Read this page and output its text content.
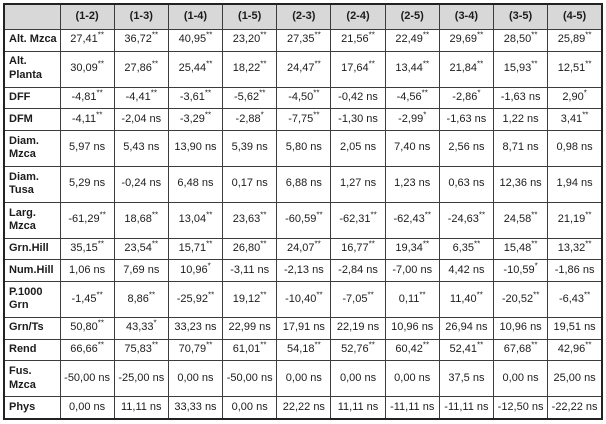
	(1-2)	(1-3)	(1-4)	(1-5)	(2-3)	(2-4)	(2-5)	(3-4)	(3-5)	(4-5)
Alt. Mzca	27,41**	36,72**	40,95**	23,20**	27,35**	21,56**	22,49**	29,69**	28,50**	25,89**
Alt. Planta	30,09**	27,86**	25,44**	18,22**	24,47**	17,64**	13,44**	21,84**	15,93**	12,51**
DFF	-4,81**	-4,41**	-3,61**	-5,62**	-4,50**	-0,42 ns	-4,56**	-2,86*	-1,63 ns	2,90*
DFM	-4,11**	-2,04 ns	-3,29**	-2,88*	-7,75**	-1,30 ns	-2,99*	-1,63 ns	1,22 ns	3,41**
Diam. Mzca	5,97 ns	5,43 ns	13,90 ns	5,39 ns	5,80 ns	2,05 ns	7,40 ns	2,56 ns	8,71 ns	0,98 ns
Diam. Tusa	5,29 ns	-0,24 ns	6,48 ns	0,17 ns	6,88 ns	1,27 ns	1,23 ns	0,63 ns	12,36 ns	1,94 ns
Larg. Mzca	-61,29**	18,68**	13,04**	23,63**	-60,59**	-62,31**	-62,43**	-24,63**	24,58**	21,19**
Grn.Hill	35,15**	23,54**	15,71**	26,80**	24,07**	16,77**	19,34**	6,35**	15,48**	13,32**
Num.Hill	1,06 ns	7,69 ns	10,96*	-3,11 ns	-2,13 ns	-2,84 ns	-7,00 ns	4,42 ns	-10,59*	-1,86 ns
P.1000 Grn	-1,45**	8,86**	-25,92**	19,12**	-10,40**	-7,05**	0,11**	11,40**	-20,52**	-6,43**
Grn/Ts	50,80**	43,33*	33,23 ns	22,99 ns	17,91 ns	22,19 ns	10,96 ns	26,94 ns	10,96 ns	19,51 ns
Rend	66,66**	75,83**	70,79**	61,01**	54,18**	52,76**	60,42**	52,41**	67,68**	42,96**
Fus. Mzca	-50,00 ns	-25,00 ns	0,00 ns	-50,00 ns	0,00 ns	0,00 ns	0,00 ns	37,5 ns	0,00 ns	25,00 ns
Phys	0,00 ns	11,11 ns	33,33 ns	0,00 ns	22,22 ns	11,11 ns	-11,11 ns	-11,11 ns	-12,50 ns	-22,22 ns
